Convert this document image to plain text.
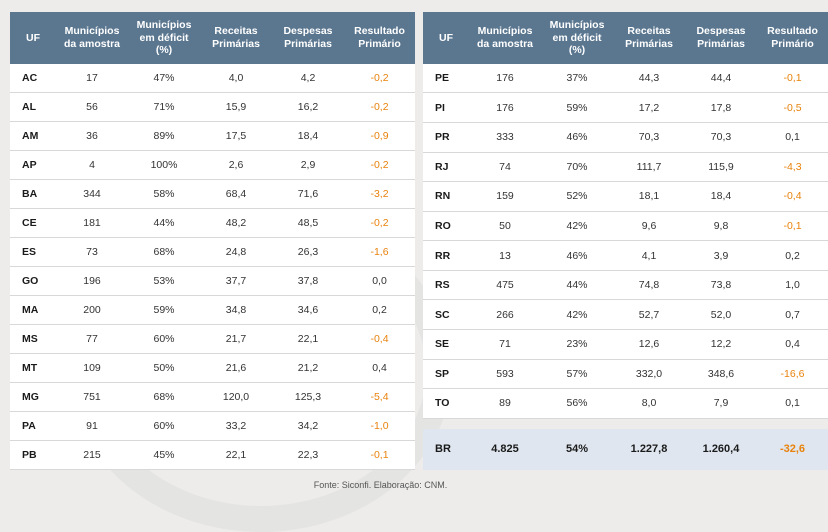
UF	Municípios da amostra	Municípios em déficit (%)	Receitas Primárias	Despesas Primárias	Resultado Primário
AC	17	47%	4,0	4,2	-0,2
AL	56	71%	15,9	16,2	-0,2
AM	36	89%	17,5	18,4	-0,9
AP	4	100%	2,6	2,9	-0,2
BA	344	58%	68,4	71,6	-3,2
CE	181	44%	48,2	48,5	-0,2
ES	73	68%	24,8	26,3	-1,6
GO	196	53%	37,7	37,8	0,0
MA	200	59%	34,8	34,6	0,2
MS	77	60%	21,7	22,1	-0,4
MT	109	50%	21,6	21,2	0,4
MG	751	68%	120,0	125,3	-5,4
PA	91	60%	33,2	34,2	-1,0
PB	215	45%	22,1	22,3	-0,1
UF	Municípios da amostra	Municípios em déficit (%)	Receitas Primárias	Despesas Primárias	Resultado Primário
PE	176	37%	44,3	44,4	-0,1
PI	176	59%	17,2	17,8	-0,5
PR	333	46%	70,3	70,3	0,1
RJ	74	70%	111,7	115,9	-4,3
RN	159	52%	18,1	18,4	-0,4
RO	50	42%	9,6	9,8	-0,1
RR	13	46%	4,1	3,9	0,2
RS	475	44%	74,8	73,8	1,0
SC	266	42%	52,7	52,0	0,7
SE	71	23%	12,6	12,2	0,4
SP	593	57%	332,0	348,6	-16,6
TO	89	56%	8,0	7,9	0,1

BR	4.825	54%	1.227,8	1.260,4	-32,6
Fonte: Siconfi. Elaboração: CNM.
